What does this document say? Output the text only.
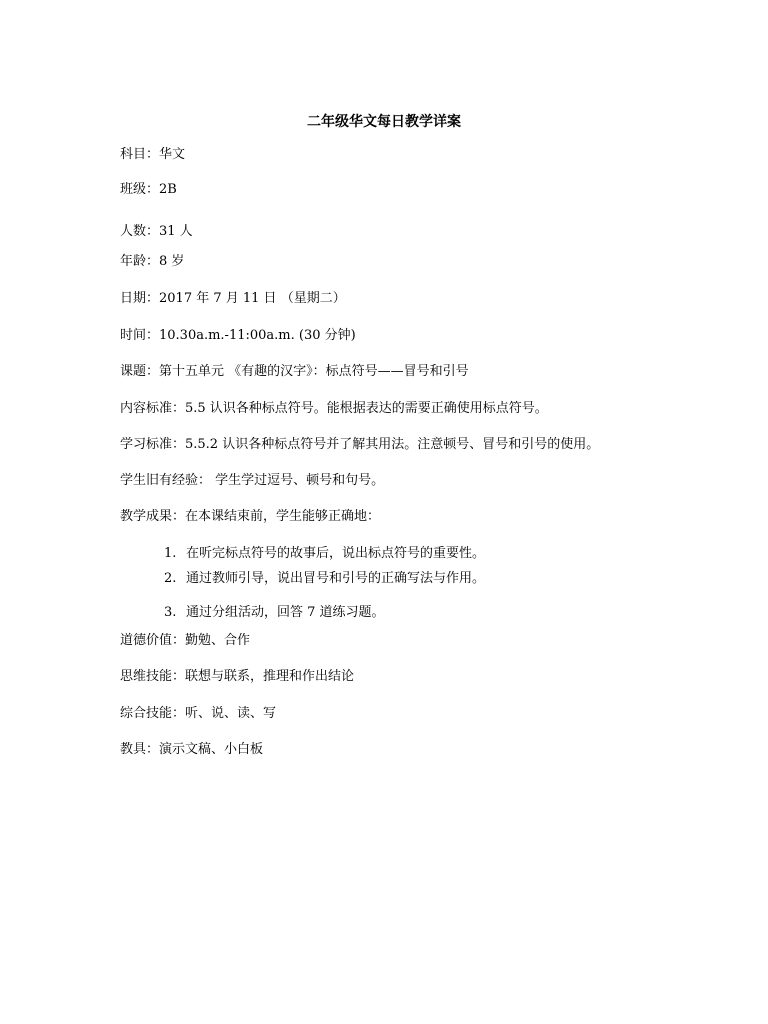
二年级华文每日教学详案
科目：华文
班级：2B
人数：31 人
年龄：8 岁
日期：2017 年 7 月 11 日 （星期二）
时间：10.30a.m.-11:00a.m. (30 分钟)
课题：第十五单元 《有趣的汉字》：标点符号——冒号和引号
内容标准：5.5 认识各种标点符号。能根据表达的需要正确使用标点符号。
学习标准：5.5.2 认识各种标点符号并了解其用法。注意顿号、冒号和引号的使用。
学生旧有经验： 学生学过逗号、顿号和句号。
教学成果：在本课结束前，学生能够正确地：
1. 在听完标点符号的故事后，说出标点符号的重要性。
2. 通过教师引导，说出冒号和引号的正确写法与作用。
3. 通过分组活动，回答 7 道练习题。
道德价值：勤勉、合作
思维技能：联想与联系，推理和作出结论
综合技能：听、说、读、写
教具：演示文稿、小白板
